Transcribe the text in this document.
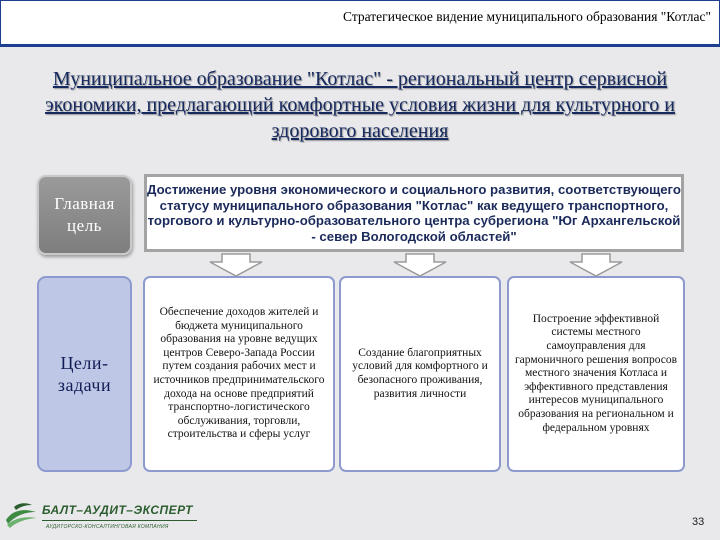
Стратегическое видение муниципального образования "Котлас"
Муниципальное образование "Котлас" - региональный центр сервисной экономики, предлагающий комфортные условия жизни для культурного и здорового населения
Главная цель
Достижение уровня экономического и социального развития, соответствующего статусу муниципального образования "Котлас" как ведущего транспортного, торгового и культурно-образовательного центра субрегиона "Юг Архангельской - север Вологодской областей"
Цели-задачи
Обеспечение доходов жителей и бюджета муниципального образования на уровне ведущих центров Северо-Запада России путем создания рабочих мест и источников предпринимательского дохода на основе предприятий транспортно-логистического обслуживания, торговли, строительства и сферы услуг
Создание благоприятных условий для комфортного и безопасного проживания, развития личности
Построение эффективной системы местного самоуправления для гармоничного решения вопросов местного значения Котласа и эффективного представления интересов муниципального образования на региональном и федеральном уровнях
БАЛТ–АУДИТ–ЭКСПЕРТ
АУДИТОРСКО-КОНСАЛТИНГОВАЯ КОМПАНИЯ	33
